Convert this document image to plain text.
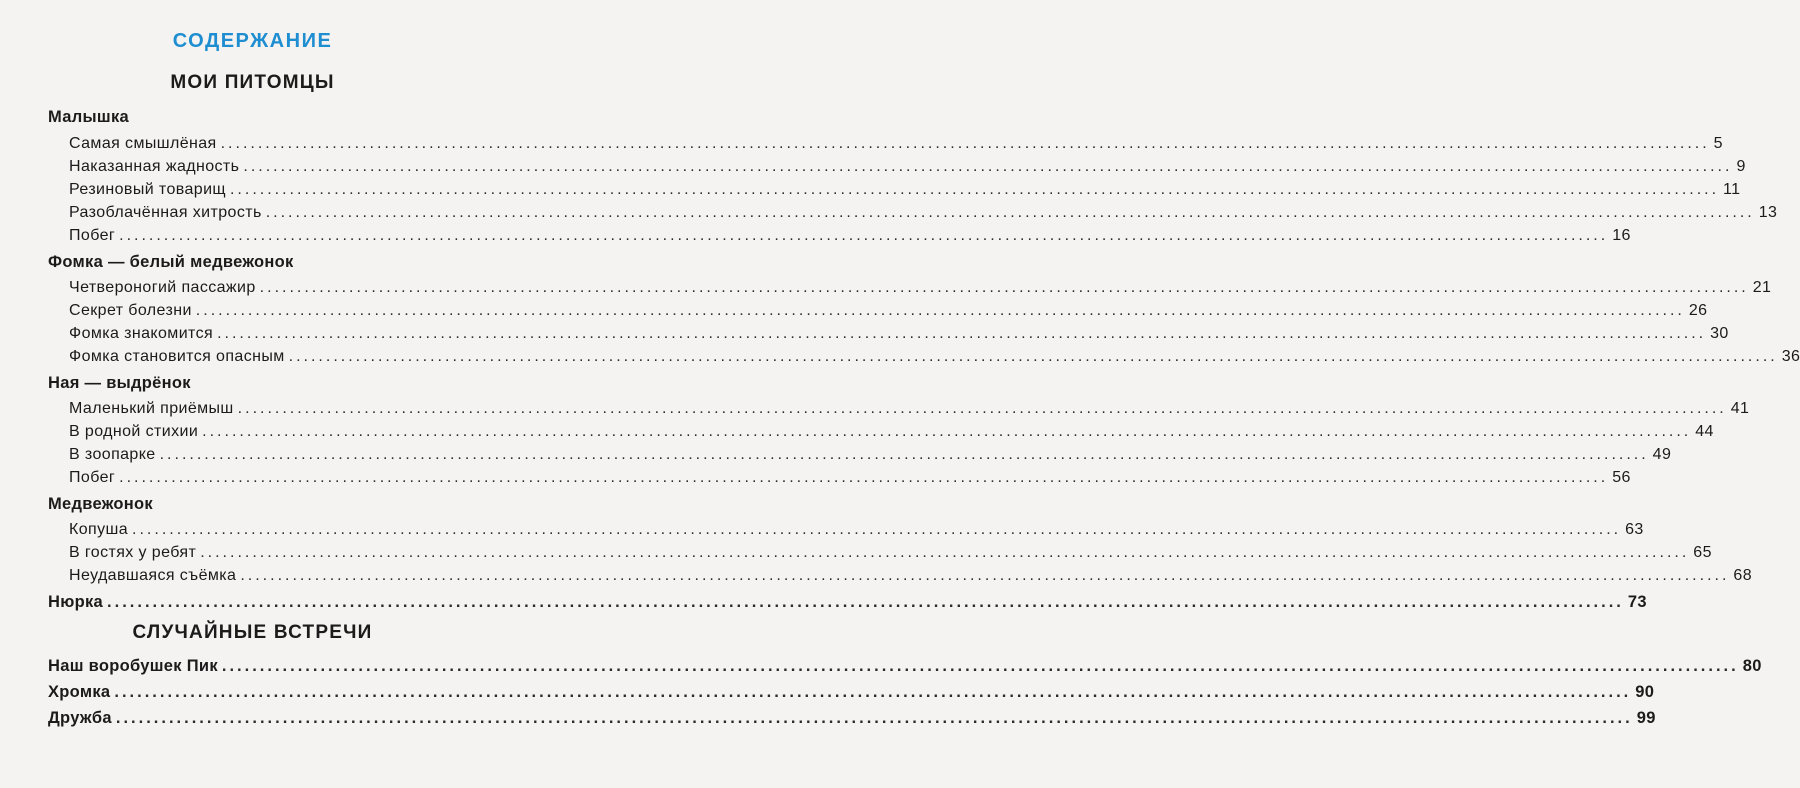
СОДЕРЖАНИЕ
МОИ ПИТОМЦЫ
Малышка
Самая смышлёная ........................................................................................................................................................................................................ 5
Наказанная жадность ........................................................................................................................................................................................................ 9
Резиновый товарищ ........................................................................................................................................................................................................ 11
Разоблачённая хитрость ........................................................................................................................................................................................................ 13
Побег ........................................................................................................................................................................................................ 16
Фомка — белый медвежонок
Четвероногий пассажир ........................................................................................................................................................................................................ 21
Секрет болезни ........................................................................................................................................................................................................ 26
Фомка знакомится ........................................................................................................................................................................................................ 30
Фомка становится опасным ........................................................................................................................................................................................................ 36
Ная — выдрёнок
Маленький приёмыш ........................................................................................................................................................................................................ 41
В родной стихии ........................................................................................................................................................................................................ 44
В зоопарке ........................................................................................................................................................................................................ 49
Побег ........................................................................................................................................................................................................ 56
Медвежонок
Копуша ........................................................................................................................................................................................................ 63
В гостях у ребят ........................................................................................................................................................................................................ 65
Неудавшаяся съёмка ........................................................................................................................................................................................................ 68
Нюрка ........................................................................................................................................................................................................ 73
СЛУЧАЙНЫЕ ВСТРЕЧИ
Наш воробушек Пик ........................................................................................................................................................................................................ 80
Хромка ........................................................................................................................................................................................................ 90
Дружба ........................................................................................................................................................................................................ 99
